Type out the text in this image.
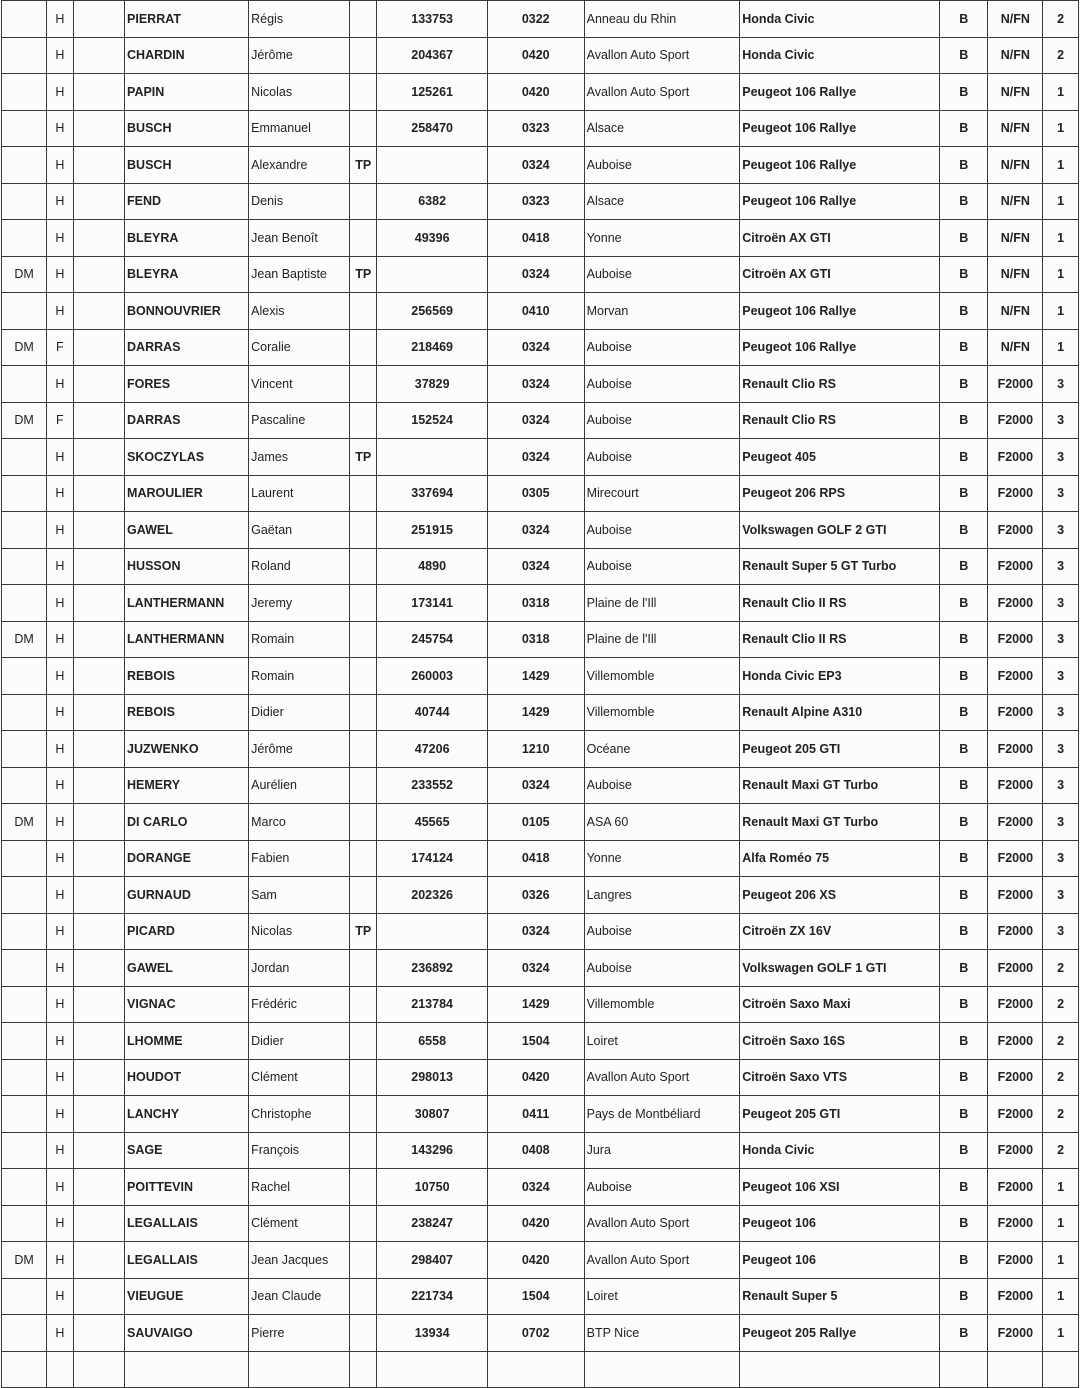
	H		PIERRAT	Régis		133753	0322	Anneau du Rhin	Honda Civic	B	N/FN	2
	H		CHARDIN	Jérôme		204367	0420	Avallon Auto Sport	Honda Civic	B	N/FN	2
	H		PAPIN	Nicolas		125261	0420	Avallon Auto Sport	Peugeot 106 Rallye	B	N/FN	1
	H		BUSCH	Emmanuel		258470	0323	Alsace	Peugeot 106 Rallye	B	N/FN	1
	H		BUSCH	Alexandre	TP		0324	Auboise	Peugeot 106 Rallye	B	N/FN	1
	H		FEND	Denis		6382	0323	Alsace	Peugeot 106 Rallye	B	N/FN	1
	H		BLEYRA	Jean Benoît		49396	0418	Yonne	Citroën AX GTI	B	N/FN	1
DM	H		BLEYRA	Jean Baptiste	TP		0324	Auboise	Citroën AX GTI	B	N/FN	1
	H		BONNOUVRIER	Alexis		256569	0410	Morvan	Peugeot 106 Rallye	B	N/FN	1
DM	F		DARRAS	Coralie		218469	0324	Auboise	Peugeot 106 Rallye	B	N/FN	1
	H		FORES	Vincent		37829	0324	Auboise	Renault Clio RS	B	F2000	3
DM	F		DARRAS	Pascaline		152524	0324	Auboise	Renault Clio RS	B	F2000	3
	H		SKOCZYLAS	James	TP		0324	Auboise	Peugeot 405	B	F2000	3
	H		MAROULIER	Laurent		337694	0305	Mirecourt	Peugeot 206 RPS	B	F2000	3
	H		GAWEL	Gaëtan		251915	0324	Auboise	Volkswagen GOLF 2 GTI	B	F2000	3
	H		HUSSON	Roland		4890	0324	Auboise	Renault Super 5 GT Turbo	B	F2000	3
	H		LANTHERMANN	Jeremy		173141	0318	Plaine de l'Ill	Renault Clio II RS	B	F2000	3
DM	H		LANTHERMANN	Romain		245754	0318	Plaine de l'Ill	Renault Clio II RS	B	F2000	3
	H		REBOIS	Romain		260003	1429	Villemomble	Honda Civic EP3	B	F2000	3
	H		REBOIS	Didier		40744	1429	Villemomble	Renault Alpine A310	B	F2000	3
	H		JUZWENKO	Jérôme		47206	1210	Océane	Peugeot 205 GTI	B	F2000	3
	H		HEMERY	Aurélien		233552	0324	Auboise	Renault Maxi GT Turbo	B	F2000	3
DM	H		DI CARLO	Marco		45565	0105	ASA 60	Renault Maxi GT Turbo	B	F2000	3
	H		DORANGE	Fabien		174124	0418	Yonne	Alfa Roméo 75	B	F2000	3
	H		GURNAUD	Sam		202326	0326	Langres	Peugeot 206 XS	B	F2000	3
	H		PICARD	Nicolas	TP		0324	Auboise	Citroën ZX 16V	B	F2000	3
	H		GAWEL	Jordan		236892	0324	Auboise	Volkswagen GOLF 1 GTI	B	F2000	2
	H		VIGNAC	Frédéric		213784	1429	Villemomble	Citroën Saxo Maxi	B	F2000	2
	H		LHOMME	Didier		6558	1504	Loiret	Citroën Saxo 16S	B	F2000	2
	H		HOUDOT	Clément		298013	0420	Avallon Auto Sport	Citroën Saxo VTS	B	F2000	2
	H		LANCHY	Christophe		30807	0411	Pays de Montbéliard	Peugeot 205 GTI	B	F2000	2
	H		SAGE	François		143296	0408	Jura	Honda Civic	B	F2000	2
	H		POITTEVIN	Rachel		10750	0324	Auboise	Peugeot 106 XSI	B	F2000	1
	H		LEGALLAIS	Clément		238247	0420	Avallon Auto Sport	Peugeot 106	B	F2000	1
DM	H		LEGALLAIS	Jean Jacques		298407	0420	Avallon Auto Sport	Peugeot 106	B	F2000	1
	H		VIEUGUE	Jean Claude		221734	1504	Loiret	Renault Super 5	B	F2000	1
	H		SAUVAIGO	Pierre		13934	0702	BTP Nice	Peugeot 205 Rallye	B	F2000	1
